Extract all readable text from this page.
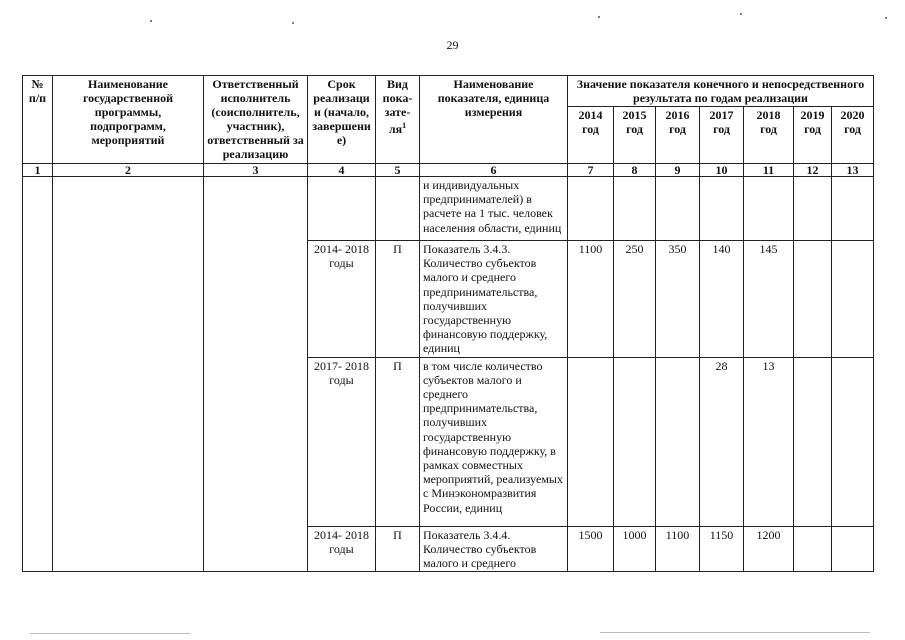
29
№ п/п	Наименование государственной программы, подпрограмм, мероприятий	Ответственный исполнитель (соисполнитель, участник), ответственный за реализацию	Срок реализаци и (начало, завершени е)	Вид пока- зате- $ля^1$	Наименование показателя, единица измерения	Значение показателя конечного и непосредственного результата по годам реализации						
						2014 год	2015 год	2016 год	2017 год	2018 год	2019 год	2020 год
1	2	3	4	5	6	7	8	9	10	11	12	13
					и индивидуальных предпринимателей) в расчете на 1 тыс. человек населения области, единиц							
			2014- 2018 годы	П	Показатель 3.4.3. Количество субъектов малого и среднего предпринимательства, получивших государственную финансовую поддержку, единиц	1100	250	350	140	145		
			2017- 2018 годы	П	в том числе количество субъектов малого и среднего предпринимательства, получивших государственную финансовую поддержку, в рамках совместных мероприятий, реализуемых с Минэкономразвития России, единиц				28	13		
			2014- 2018 годы	П	Показатель 3.4.4. Количество субъектов малого и среднего	1500	1000	1100	1150	1200		
